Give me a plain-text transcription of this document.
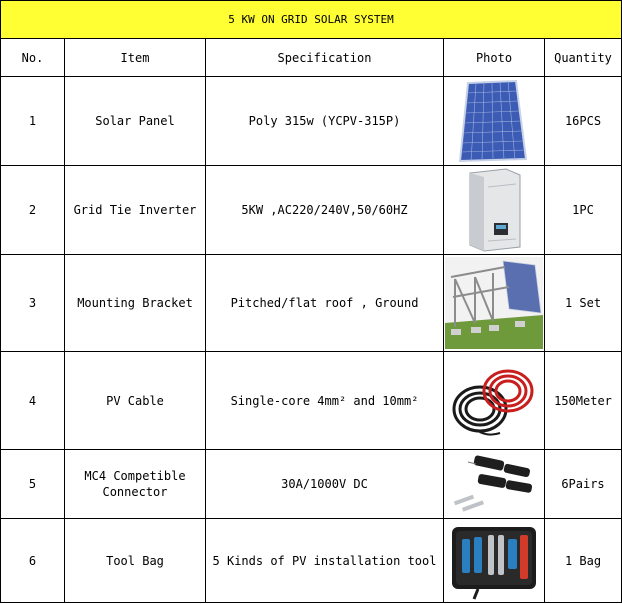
5 KW ON GRID SOLAR SYSTEM				
No.	Item	Specification	Photo	Quantity
1	Solar Panel	Poly 315w (YCPV-315P)		16PCS
2	Grid Tie Inverter	5KW ,AC220/240V,50/60HZ		1PC
3	Mounting Bracket	Pitched/flat roof , Ground		1 Set
4	PV Cable	Single-core 4mm² and 10mm²		150Meter
5	MC4 Competible Connector	30A/1000V DC		6Pairs
6	Tool Bag	5 Kinds of PV installation tool		1 Bag
